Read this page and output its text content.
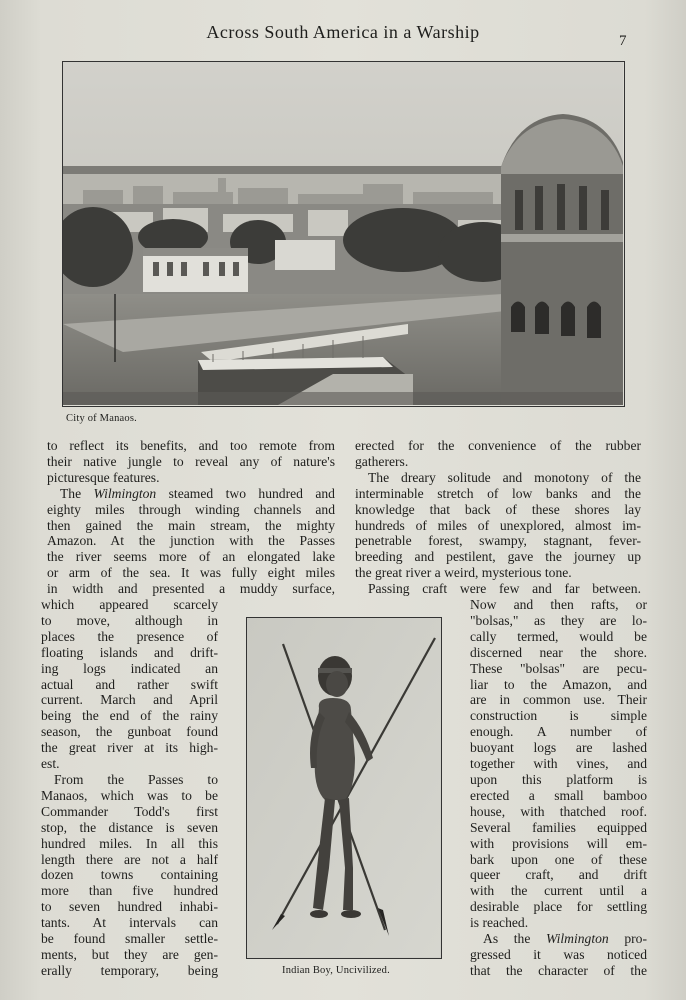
Across South America in a Warship	7
City of Manaos.
to reflect its benefits, and too remote from
their native jungle to reveal any of nature's
picturesque features.
The Wilmington steamed two hundred and
eighty miles through winding channels and
then gained the main stream, the mighty
Amazon. At the junction with the Passes
the river seems more of an elongated lake
or arm of the sea. It was fully eight miles
in width and presented a muddy surface,
which appeared scarcely
to move, although in
places the presence of
floating islands and drift-
ing logs indicated an
actual and rather swift
current. March and April
being the end of the rainy
season, the gunboat found
the great river at its high-
est.
From the Passes to
Manaos, which was to be
Commander Todd's first
stop, the distance is seven
hundred miles. In all this
length there are not a half
dozen towns containing
more than five hundred
to seven hundred inhabi-
tants. At intervals can
be found smaller settle-
ments, but they are gen-
erally temporary, being
erected for the convenience of the rubber
gatherers.
The dreary solitude and monotony of the
interminable stretch of low banks and the
knowledge that back of these shores lay
hundreds of miles of unexplored, almost im-
penetrable forest, swampy, stagnant, fever-
breeding and pestilent, gave the journey up
the great river a weird, mysterious tone.
Passing craft were few and far between.
Now and then rafts, or
"bolsas," as they are lo-
cally termed, would be
discerned near the shore.
These "bolsas" are pecu-
liar to the Amazon, and
are in common use. Their
construction is simple
enough. A number of
buoyant logs are lashed
together with vines, and
upon this platform is
erected a small bamboo
house, with thatched roof.
Several families equipped
with provisions will em-
bark upon one of these
queer craft, and drift
with the current until a
desirable place for settling
is reached.
As the Wilmington pro-
gressed it was noticed
that the character of the
Indian Boy, Uncivilized.
